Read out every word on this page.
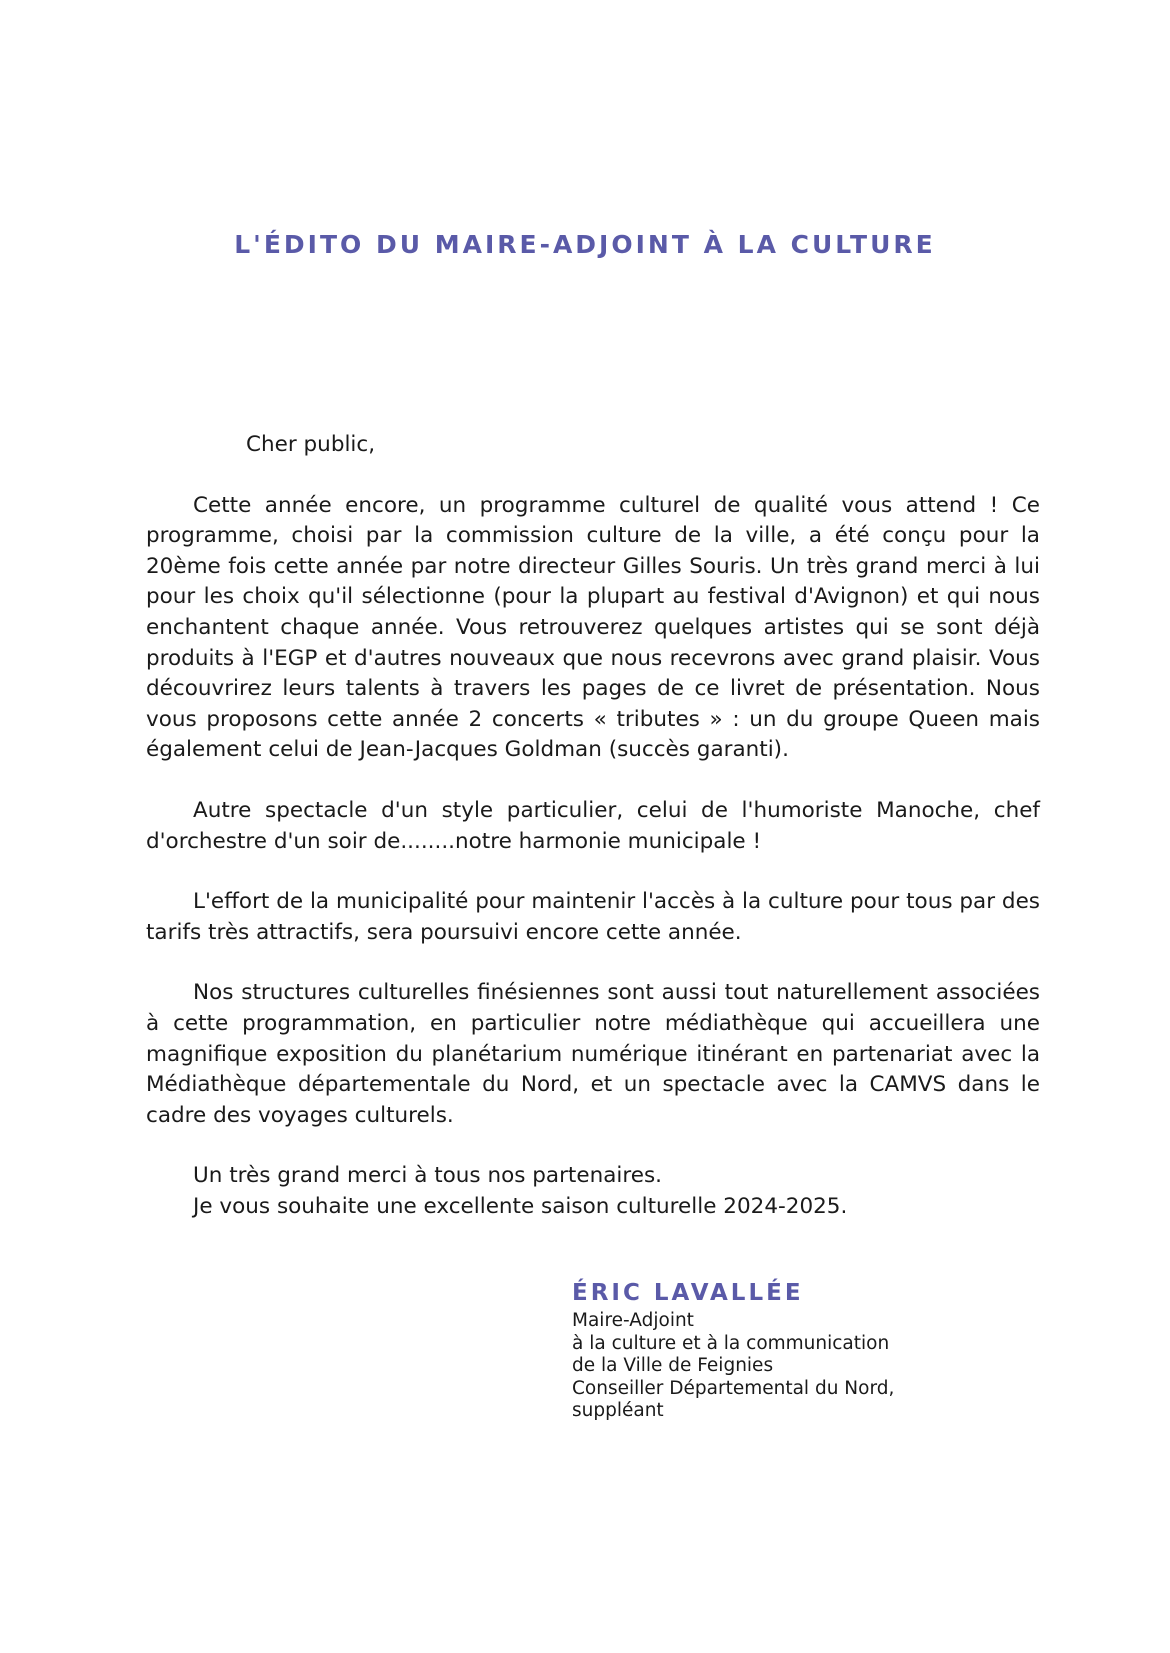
L'ÉDITO DU MAIRE-ADJOINT À LA CULTURE

Cher public,

Cette année encore, un programme culturel de qualité vous attend ! Ce programme, choisi par la commission culture de la ville, a été conçu pour la 20ème fois cette année par notre directeur Gilles Souris. Un très grand merci à lui pour les choix qu'il sélectionne (pour la plupart au festival d'Avignon) et qui nous enchantent chaque année. Vous retrouverez quelques artistes qui se sont déjà produits à l'EGP et d'autres nouveaux que nous recevrons avec grand plaisir. Vous découvrirez leurs talents à travers les pages de ce livret de présentation. Nous vous proposons cette année 2 concerts « tributes » : un du groupe Queen mais également celui de Jean-Jacques Goldman (succès garanti).

Autre spectacle d'un style particulier, celui de l'humoriste Manoche, chef d'orchestre d'un soir de........notre harmonie municipale !

L'effort de la municipalité pour maintenir l'accès à la culture pour tous par des tarifs très attractifs, sera poursuivi encore cette année.

Nos structures culturelles finésiennes sont aussi tout naturellement associées à cette programmation, en particulier notre médiathèque qui accueillera une magnifique exposition du planétarium numérique itinérant en partenariat avec la Médiathèque départementale du Nord, et un spectacle avec la CAMVS dans le cadre des voyages culturels.

Un très grand merci à tous nos partenaires.

Je vous souhaite une excellente saison culturelle 2024-2025.

ÉRIC LAVALLÉE

Maire-Adjoint

à la culture et à la communication

de la Ville de Feignies

Conseiller Départemental du Nord,

suppléant
